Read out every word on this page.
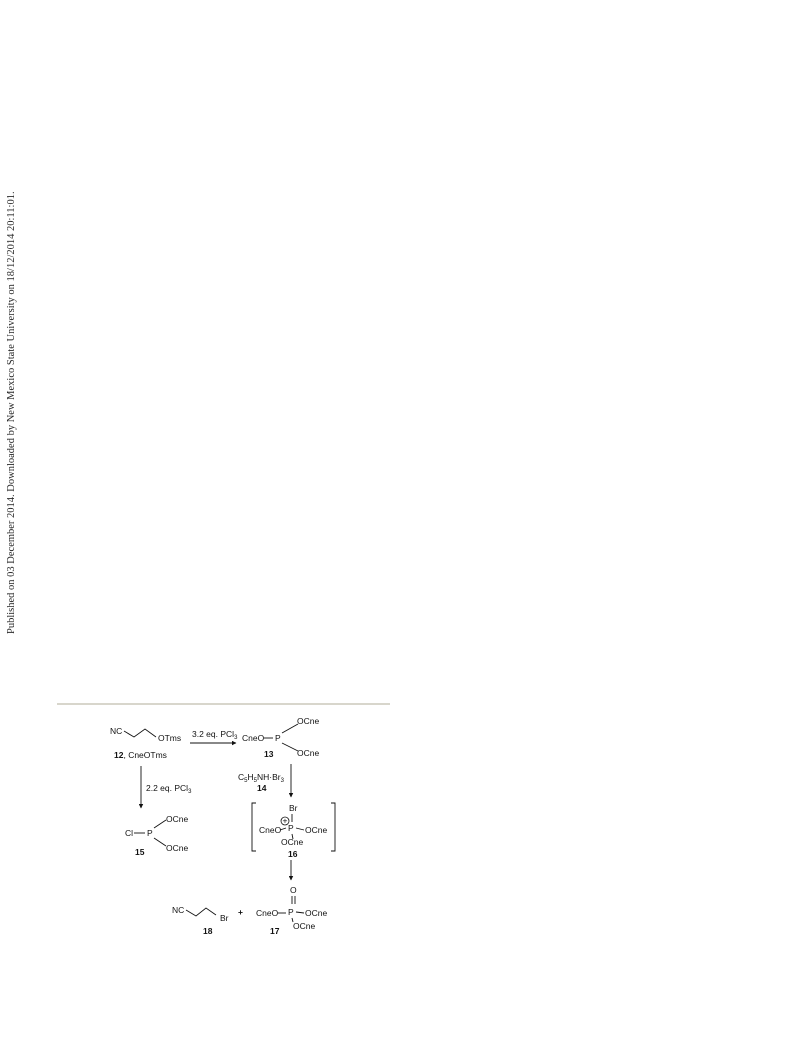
Published on 03 December 2014. Downloaded by New Mexico State University on 18/12/2014 20:11:01.
NC
OTms
12, CneOTms
3.2 eq. PCl$_3$ CneO P
OCne
OCne
13
$C_5H_5NH\cdot Br_3$
14
2.2 eq. PCl$_3$
Cl P
OCne
OCne
15
Br
+
CneO P OCne
OCne
16
NC
Br
18
+
O
CneO P OCne
OCne
17
